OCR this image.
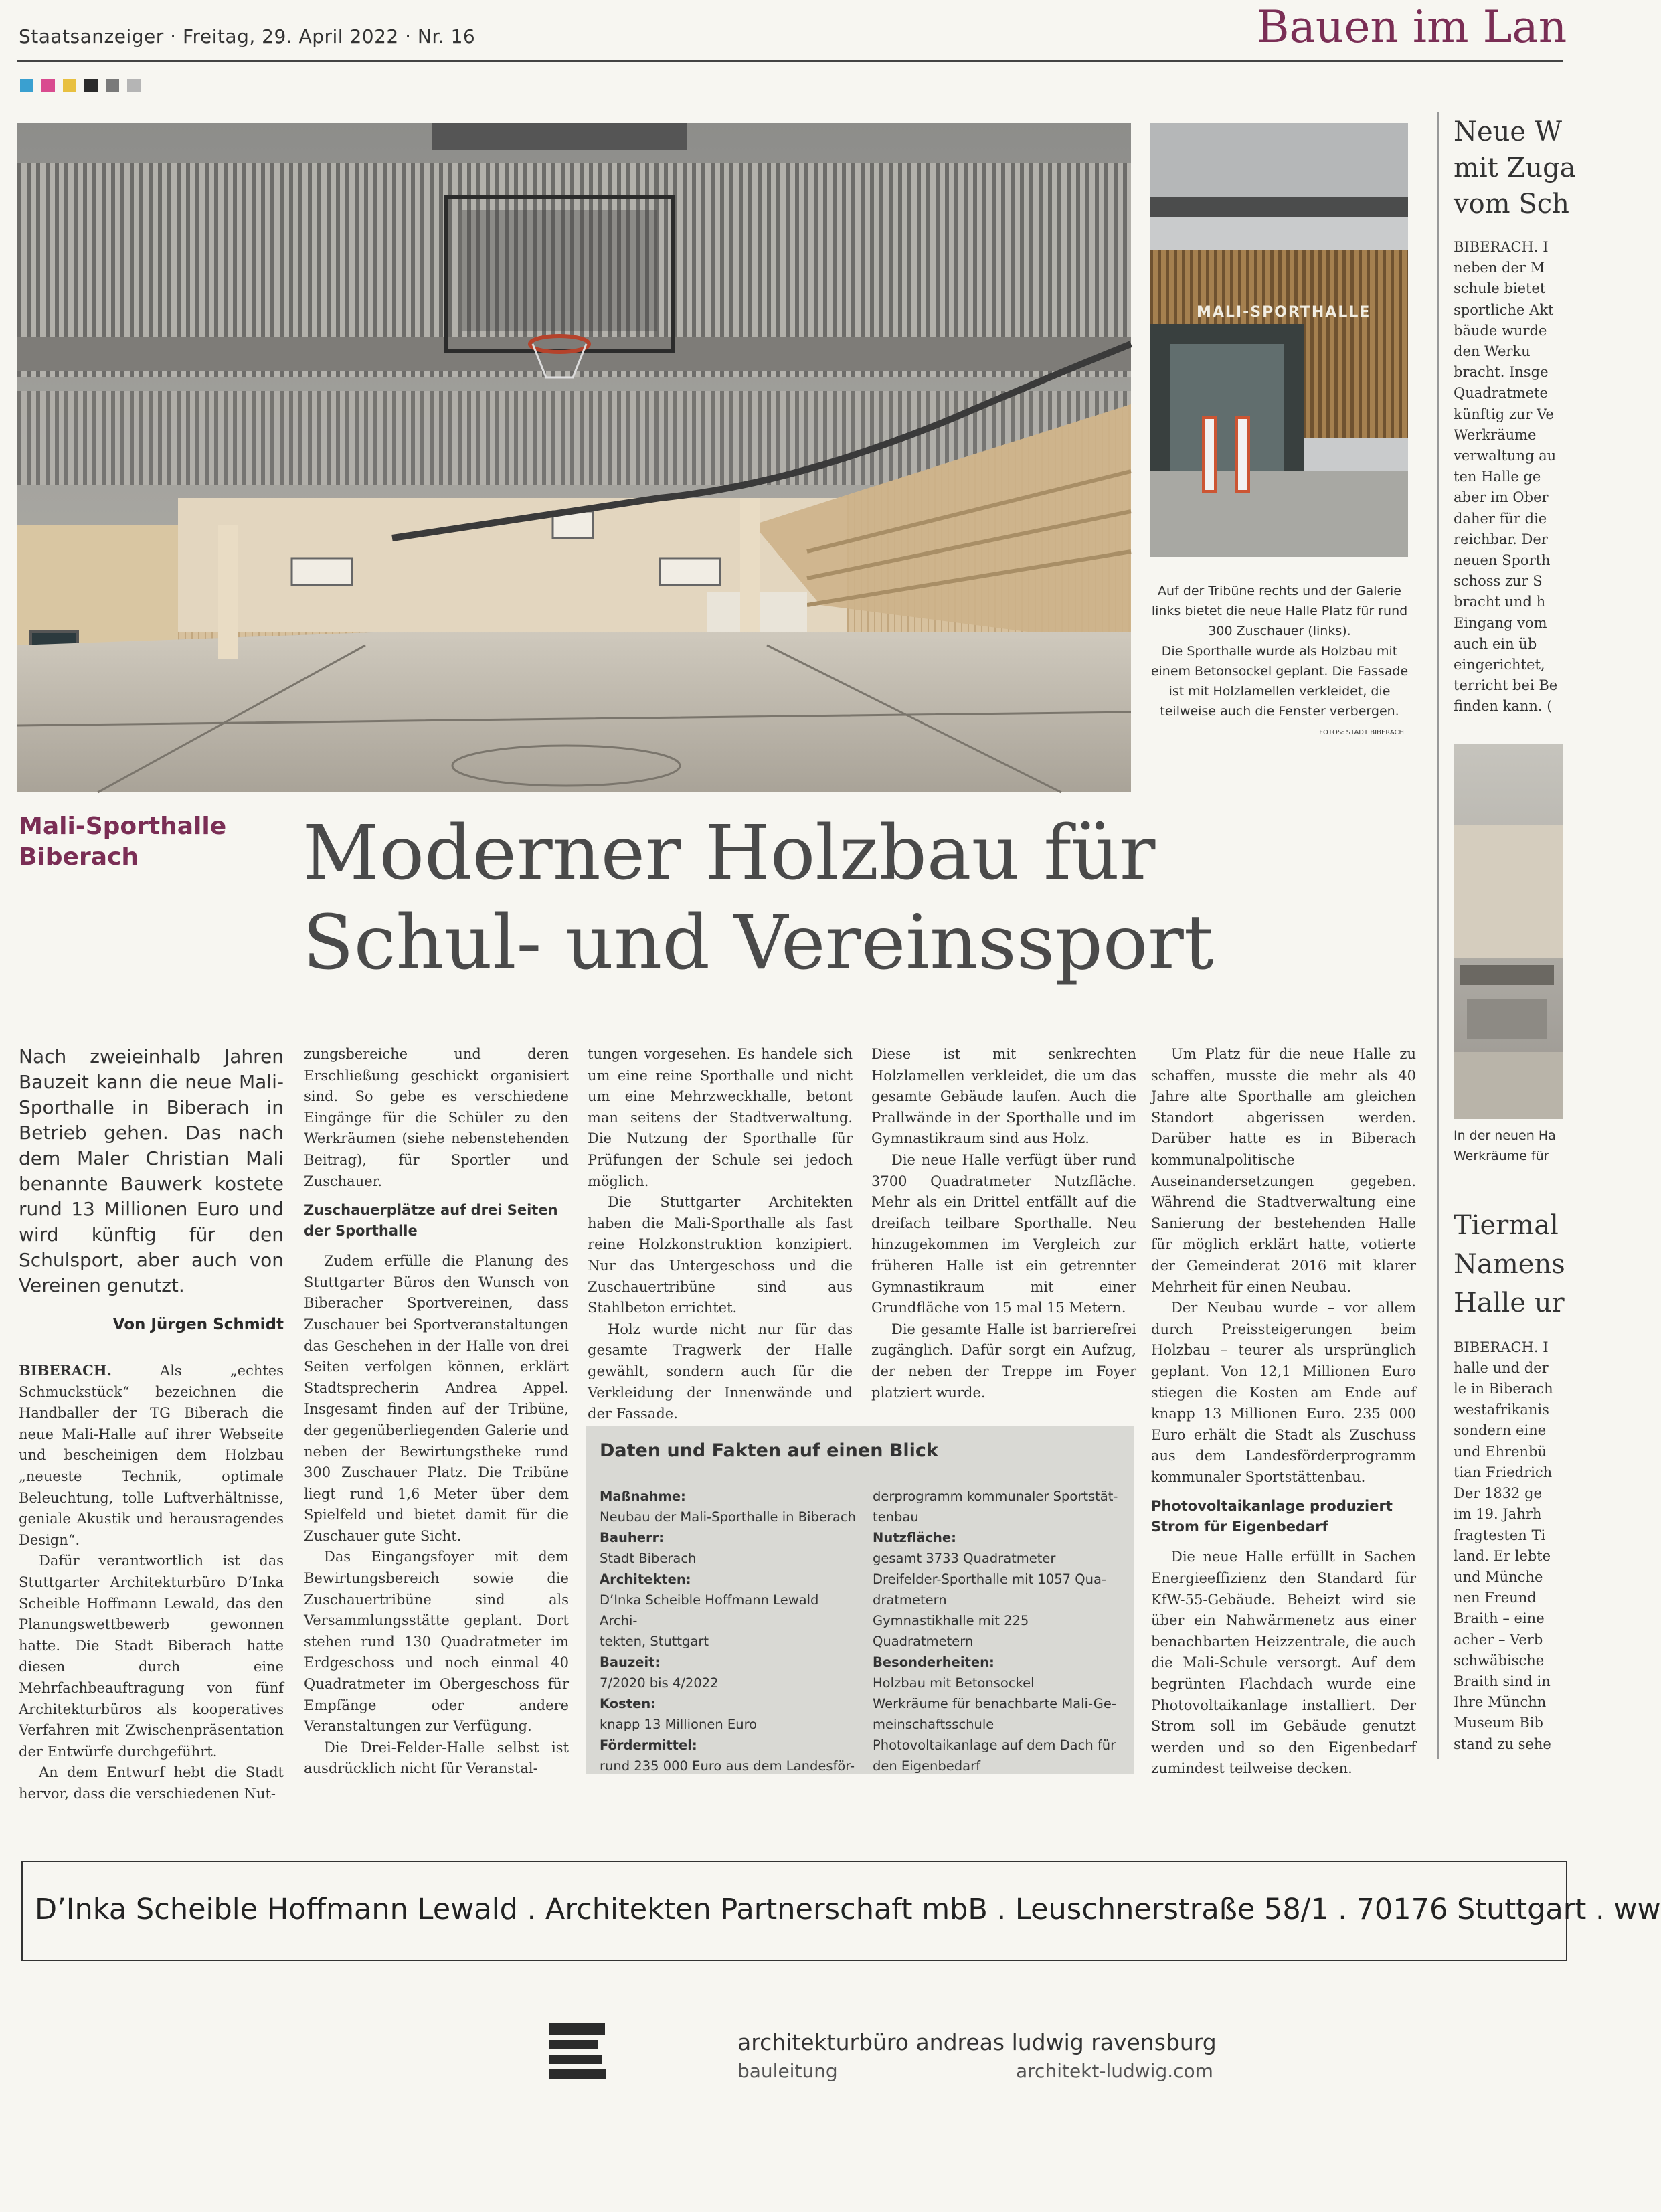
Staatsanzeiger · Freitag, 29. April 2022 · Nr. 16	Bauen im Lan
MALI-SPORTHALLE
Auf der Tribüne rechts und der Galerie
links bietet die neue Halle Platz für rund
300 Zuschauer (links).
Die Sporthalle wurde als Holzbau mit
einem Betonsockel geplant. Die Fassade
ist mit Holzlamellen verkleidet, die
teilweise auch die Fenster verbergen.
FOTOS: STADT BIBERACH
Mali-Sporthalle
Biberach	Moderner Holzbau für
Schul- und Vereinssport
Nach zweieinhalb Jahren Bauzeit kann die neue Mali-Sporthalle in Biberach in Betrieb gehen. Das nach dem Maler Christian Mali benannte Bauwerk kostete rund 13 Millionen Euro und wird künftig für den Schulsport, aber auch von Vereinen genutzt.
Von Jürgen Schmidt

BIBERACH.	Als „echtes Schmuckstück“ bezeichnen die Handballer der TG Biberach die neue Mali-Halle auf ihrer Webseite und bescheinigen dem Holzbau „neueste Technik, optimale Beleuchtung, tolle Luftverhältnisse, geniale Akustik und herausragendes Design“.

Dafür verantwortlich ist das Stuttgarter Architekturbüro D’Inka Scheible Hoffmann Lewald, das den Planungswettbewerb gewonnen hatte. Die Stadt Biberach hatte diesen durch eine Mehrfachbeauftragung von fünf Architekturbüros als kooperatives Verfahren mit Zwischenpräsentation der Entwürfe durchgeführt.

An dem Entwurf hebt die Stadt hervor, dass die verschiedenen Nut-

zungsbereiche und deren Erschließung geschickt organisiert sind. So gebe es verschiedene Eingänge für die Schüler zu den Werkräumen (siehe nebenstehenden Beitrag), für Sportler und Zuschauer.

Zuschauerplätze auf drei Seiten der Sporthalle

Zudem erfülle die Planung des Stuttgarter Büros den Wunsch von Biberacher Sportvereinen, dass Zuschauer bei Sportveranstaltungen das Geschehen in der Halle von drei Seiten verfolgen können, erklärt Stadtsprecherin Andrea Appel. Insgesamt finden auf der Tribüne, der gegenüberliegenden Galerie und neben der Bewirtungstheke rund 300 Zuschauer Platz. Die Tribüne liegt rund 1,6 Meter über dem Spielfeld und bietet damit für die Zuschauer gute Sicht.

Das Eingangsfoyer mit dem Bewirtungsbereich sowie die Zuschauertribüne sind als Versammlungsstätte geplant. Dort stehen rund 130 Quadratmeter im Erdgeschoss und noch einmal 40 Quadratmeter im Obergeschoss für Empfänge oder andere Veranstaltungen zur Verfügung.

Die Drei-Felder-Halle selbst ist ausdrücklich nicht für Veranstal-

tungen vorgesehen. Es handele sich um eine reine Sporthalle und nicht um eine Mehrzweckhalle, betont man seitens der Stadtverwaltung. Die Nutzung der Sporthalle für Prüfungen der Schule sei jedoch möglich.

Die Stuttgarter Architekten haben die Mali-Sporthalle als fast reine Holzkonstruktion konzipiert. Nur das Untergeschoss und die Zuschauertribüne sind aus Stahlbeton errichtet.

Holz wurde nicht nur für das gesamte Tragwerk der Halle gewählt, sondern auch für die Verkleidung der Innenwände und der Fassade.

Diese ist mit senkrechten Holzlamellen verkleidet, die um das gesamte Gebäude laufen. Auch die Prallwände in der Sporthalle und im Gymnastikraum sind aus Holz.

Die neue Halle verfügt über rund 3700 Quadratmeter Nutzfläche. Mehr als ein Drittel entfällt auf die dreifach teilbare Sporthalle. Neu hinzugekommen im Vergleich zur früheren Halle ist ein getrennter Gymnastikraum mit einer Grundfläche von 15 mal 15 Metern.

Die gesamte Halle ist barrierefrei zugänglich. Dafür sorgt ein Aufzug, der neben der Treppe im Foyer platziert wurde.

Um Platz für die neue Halle zu schaffen, musste die mehr als 40 Jahre alte Sporthalle am gleichen Standort abgerissen werden. Darüber hatte es in Biberach kommunalpolitische Auseinandersetzungen gegeben. Während die Stadtverwaltung eine Sanierung der bestehenden Halle für möglich erklärt hatte, votierte der Gemeinderat 2016 mit klarer Mehrheit für einen Neubau.

Der Neubau wurde – vor allem durch Preissteigerungen beim Holzbau – teurer als ursprünglich geplant. Von 12,1 Millionen Euro stiegen die Kosten am Ende auf knapp 13 Millionen Euro. 235 000 Euro erhält die Stadt als Zuschuss aus dem Landesförderprogramm kommunaler Sportstättenbau.

Photovoltaikanlage produziert Strom für Eigenbedarf

Die neue Halle erfüllt in Sachen Energieeffizienz den Standard für KfW-55-Gebäude. Beheizt wird sie über ein Nahwärmenetz aus einer benachbarten Heizzentrale, die auch die Mali-Schule versorgt. Auf dem begrünten Flachdach wurde eine Photovoltaikanlage installiert. Der Strom soll im Gebäude genutzt werden und so den Eigenbedarf zumindest teilweise decken.

Daten und Fakten auf einen Blick
Maßnahme:
Neubau der Mali-Sporthalle in Biberach
Bauherr:
Stadt Biberach
Architekten:
D’Inka Scheible Hoffmann Lewald Archi-
tekten, Stuttgart
Bauzeit:
7/2020 bis 4/2022
Kosten:
knapp 13 Millionen Euro
Fördermittel:
rund 235 000 Euro aus dem Landesför-
derprogramm kommunaler Sportstät-
tenbau
Nutzfläche:
gesamt 3733 Quadratmeter
Dreifelder-Sporthalle mit 1057 Qua-
dratmetern
Gymnastikhalle mit 225 Quadratmetern
Besonderheiten:
Holzbau mit Betonsockel
Werkräume für benachbarte Mali-Ge-
meinschaftsschule
Photovoltaikanlage auf dem Dach für
den Eigenbedarf
Neue W
mit Zuga
vom Sch
BIBERACH. I
neben der M
schule bietet
sportliche Akt
bäude wurde
den Werku
bracht. Insge
Quadratmete
künftig zur Ve
Werkräume
verwaltung au
ten Halle ge
aber im Ober
daher für die
reichbar. Der
neuen Sporth
schoss zur S
bracht und h
Eingang vom
auch ein üb
eingerichtet,
terricht bei Be
finden kann. (
In der neuen Ha
Werkräume für
Tiermal
Namens
Halle ur
BIBERACH. I
halle und der
le in Biberach
westafrikanis
sondern eine
und Ehrenbü
tian Friedrich
Der 1832 ge
im 19. Jahrh
fragtesten Ti
land. Er lebte
und Münche
nen Freund
Braith – eine
acher – Verb
schwäbische
Braith sind in
Ihre Münchn
Museum Bib
stand zu sehe
D’Inka Scheible Hoffmann Lewald . Architekten Partnerschaft mbB . Leuschnerstraße 58/1 . 70176 Stuttgart . ww
architekturbüro andreas ludwig ravensburg
bauleitung	architekt-ludwig.com
